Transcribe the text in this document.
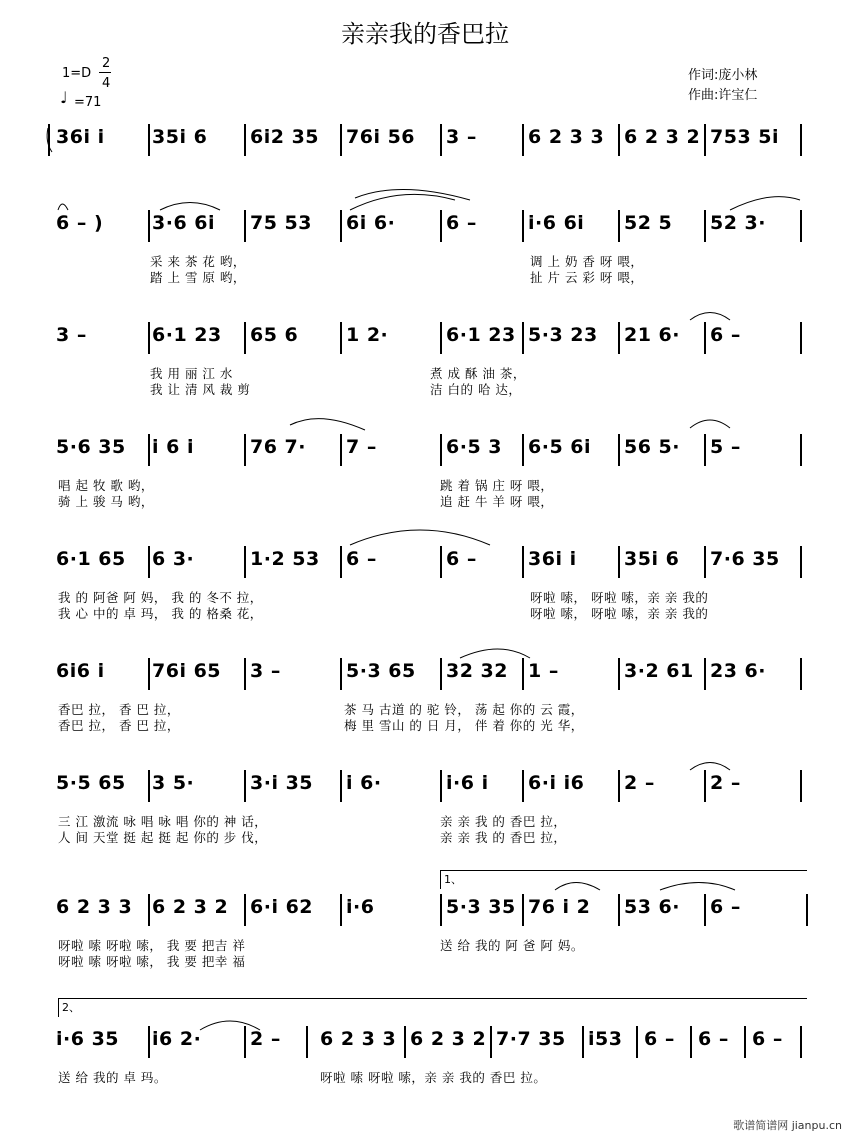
亲亲我的香巴拉
1=D
2
4
♩ =71
作词:庞小林
作曲:许宝仁
36i i 35i 6 6i2 35 76i 56 3 –	6 2 3 3 6 2 3 2 753 5i
6 – )	3·6 6i 75 53 6i 6·	6 –	i·6 6i 52 5 52 3·
采 来 茶 花 哟，	调 上 奶 香 呀 喂，
踏 上 雪 原 哟，	扯 片 云 彩 呀 喂，
3 –	6·1 23 65 6	1 2·	6·1 23 5·3 23 21 6· 6 –
我 用 丽 江 水	煮 成 酥 油 茶，
我 让 清 风 裁 剪	洁 白的 哈 达，
5·6 35 i 6 i	76 7· 7 –	6·5 3 6·5 6i 56 5· 5 –
唱 起 牧 歌 哟，	跳 着 锅 庄 呀 喂，
骑 上 骏 马 哟，	追 赶 牛 羊 呀 喂，
6·1 65 6 3·	1·2 53 6 –	6 –	36i i 35i 6 7·6 35
我 的 阿爸 阿 妈， 我 的 冬不 拉，	呀啦 嗦， 呀啦 嗦，亲 亲 我的
我 心 中的 卓 玛， 我 的 格桑 花，	呀啦 嗦， 呀啦 嗦，亲 亲 我的
6i6 i 76i 65 3 –	5·3 65 32 32 1 –	3·2 61 23 6·
香巴 拉， 香 巴 拉，	茶 马 古道 的 驼 铃， 荡 起 你的 云 霞，
香巴 拉， 香 巴 拉，	梅 里 雪山 的 日 月， 伴 着 你的 光 华，
5·5 65 3 5·	3·i 35 i 6·	i·6 i 6·i i6 2 –	2 –
三 江 激流 咏 唱 咏 唱 你的 神 话，	亲 亲 我 的 香巴 拉，
人 间 天堂 挺 起 挺 起 你的 步 伐，	亲 亲 我 的 香巴 拉，
1、
6 2 3 3 6 2 3 2 6·i 62 i·6	5·3 35 76 i 2 53 6· 6 –
呀啦 嗦 呀啦 嗦， 我 要 把吉 祥	送 给 我的 阿 爸 阿 妈。
呀啦 嗦 呀啦 嗦， 我 要 把幸 福
2、
i·6 35 i6 2·	2 – 6 2 3 3 6 2 3 2 7·7 35 i53 6 – 6 – 6 –
送 给 我的 卓 玛。	呀啦 嗦 呀啦 嗦，亲 亲 我的 香巴 拉。
歌谱简谱网 jianpu.cn
